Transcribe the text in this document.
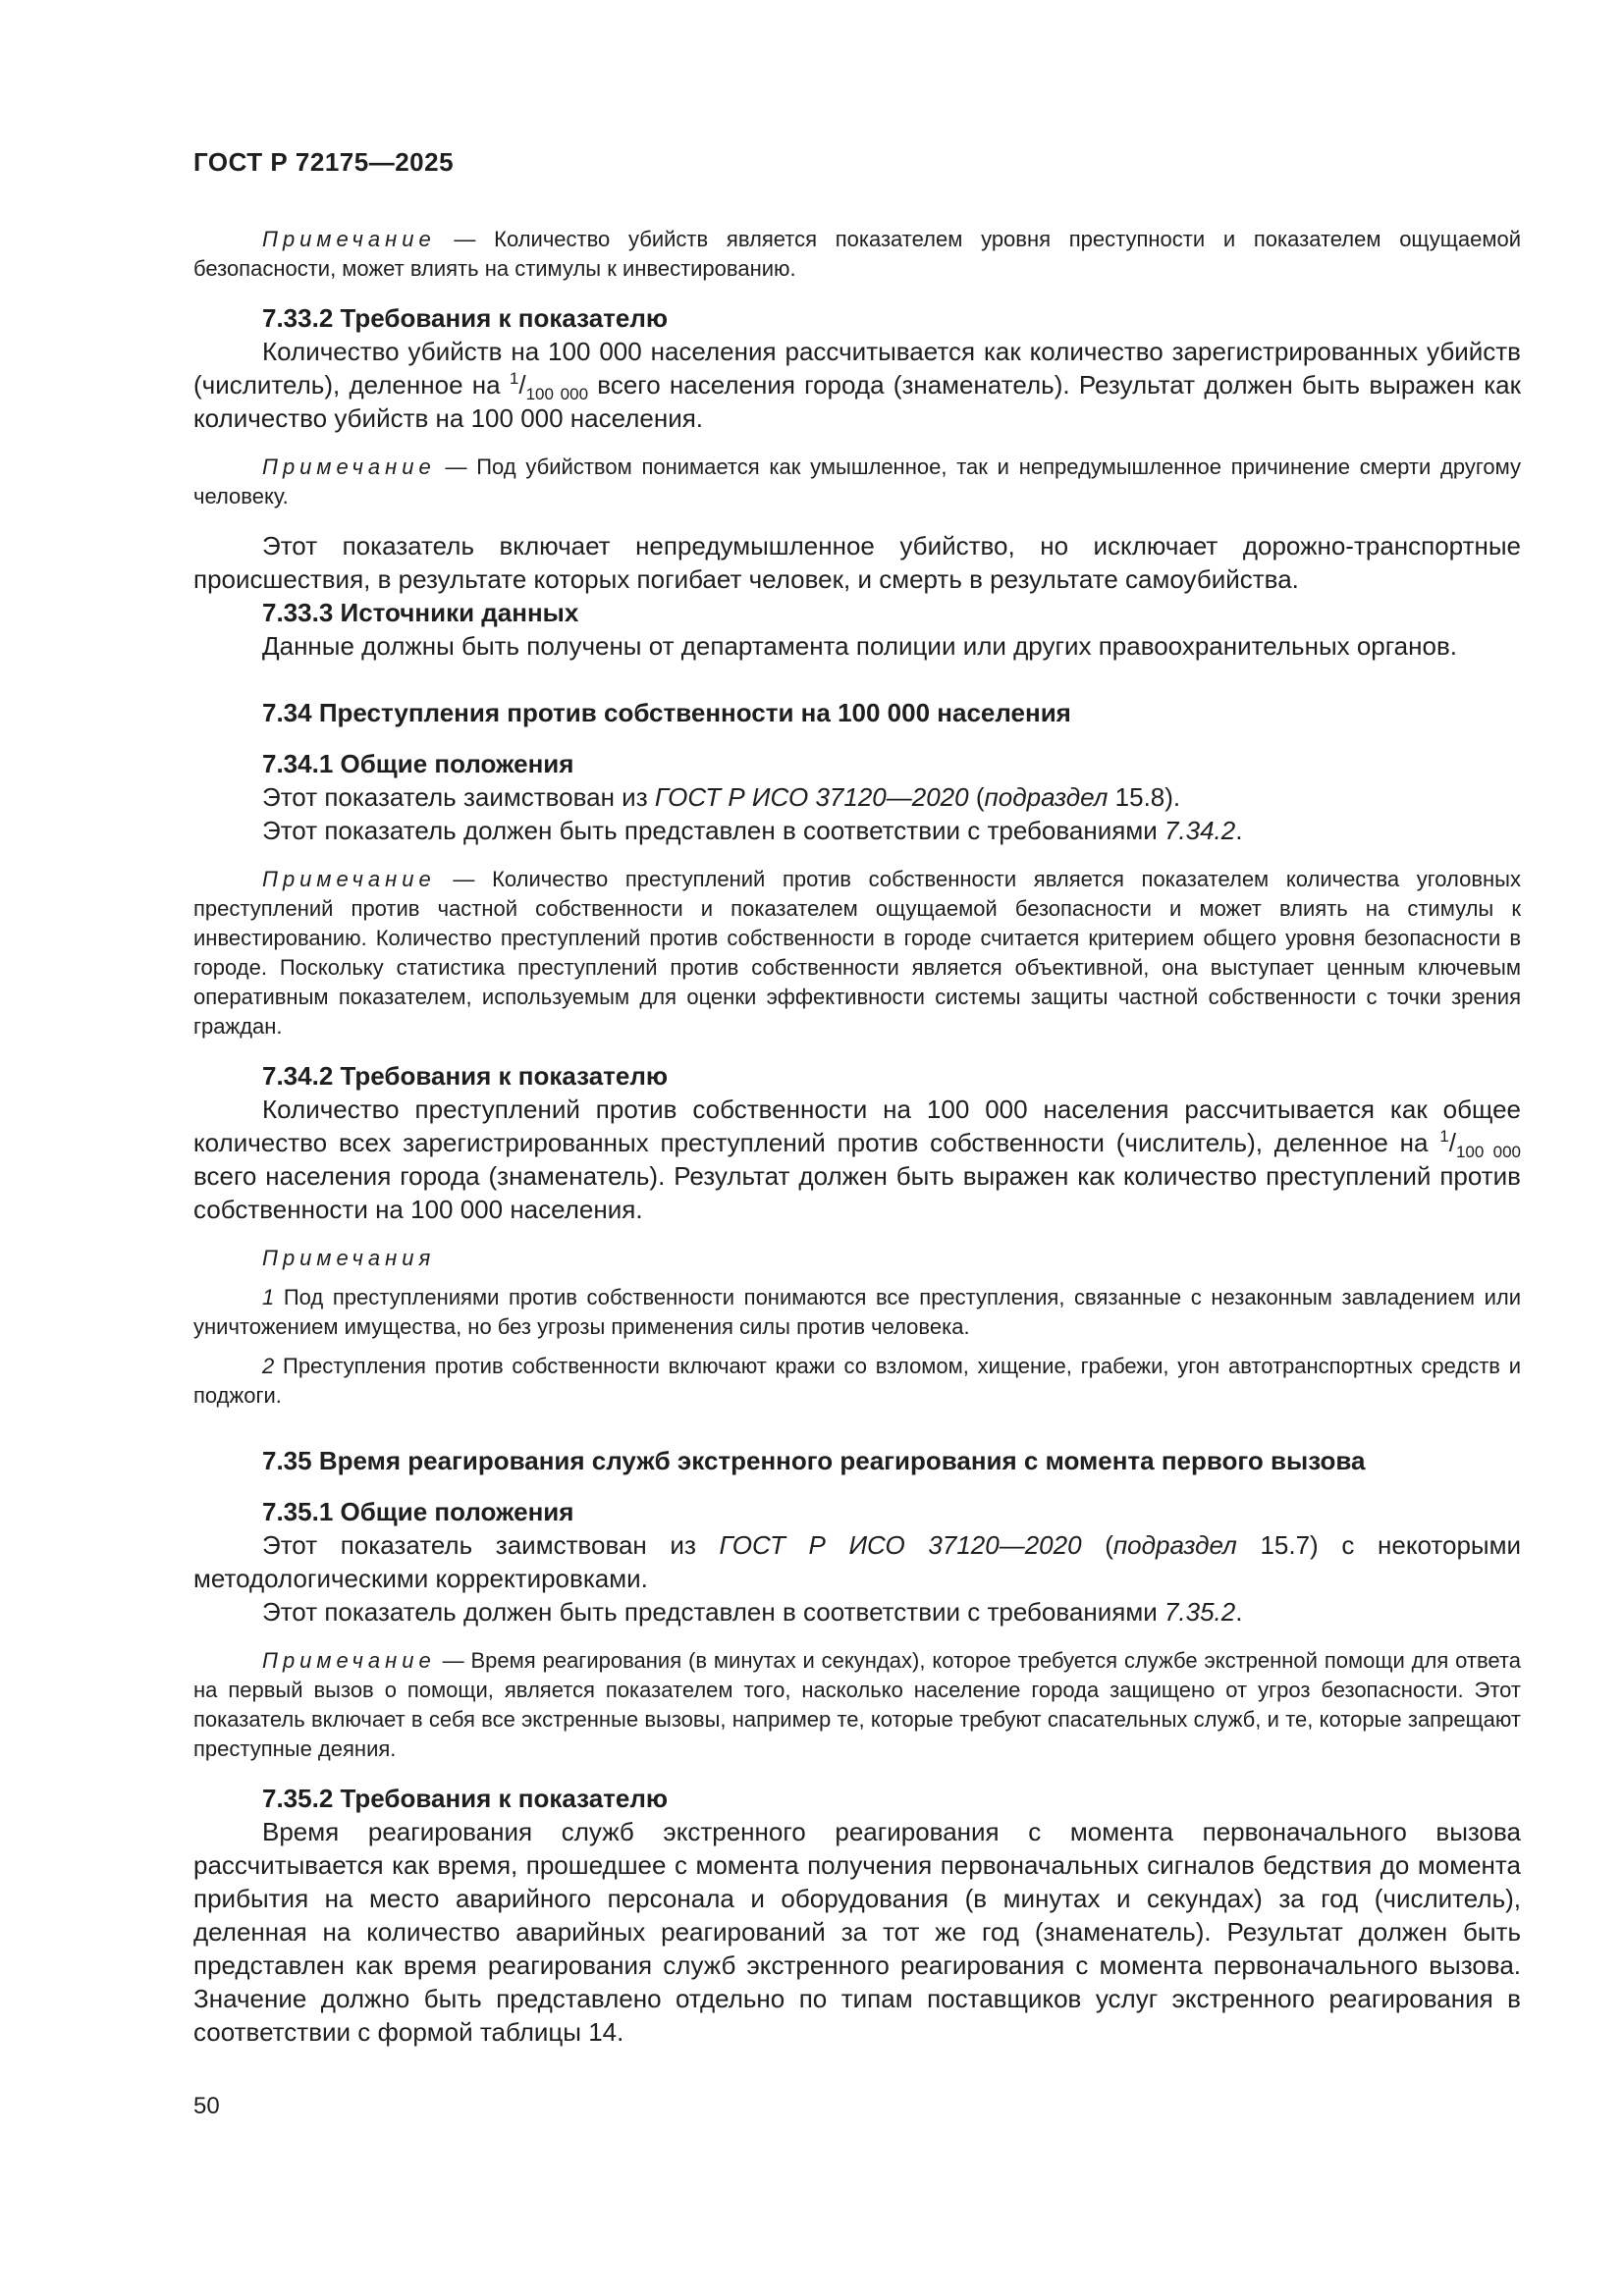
ГОСТ Р 72175—2025

Примечание — Количество убийств является показателем уровня преступности и показателем ощущаемой безопасности, может влиять на стимулы к инвестированию.

7.33.2 Требования к показателю

Количество убийств на 100 000 населения рассчитывается как количество зарегистрированных убийств (числитель), деленное на $^1/_{100 000}$ всего населения города (знаменатель). Результат должен быть выражен как количество убийств на 100 000 населения.

Примечание — Под убийством понимается как умышленное, так и непредумышленное причинение смерти другому человеку.

Этот показатель включает непредумышленное убийство, но исключает дорожно-транспортные происшествия, в результате которых погибает человек, и смерть в результате самоубийства.

7.33.3 Источники данных

Данные должны быть получены от департамента полиции или других правоохранительных органов.

7.34 Преступления против собственности на 100 000 населения
7.34.1 Общие положения

Этот показатель заимствован из ГОСТ Р ИСО 37120—2020 (подраздел 15.8).

Этот показатель должен быть представлен в соответствии с требованиями 7.34.2.

Примечание — Количество преступлений против собственности является показателем количества уголовных преступлений против частной собственности и показателем ощущаемой безопасности и может влиять на стимулы к инвестированию. Количество преступлений против собственности в городе считается критерием общего уровня безопасности в городе. Поскольку статистика преступлений против собственности является объективной, она выступает ценным ключевым оперативным показателем, используемым для оценки эффективности системы защиты частной собственности с точки зрения граждан.

7.34.2 Требования к показателю

Количество преступлений против собственности на 100 000 населения рассчитывается как общее количество всех зарегистрированных преступлений против собственности (числитель), деленное на $^1/_{100 000}$ всего населения города (знаменатель). Результат должен быть выражен как количество преступлений против собственности на 100 000 населения.

Примечания

1 Под преступлениями против собственности понимаются все преступления, связанные с незаконным завладением или уничтожением имущества, но без угрозы применения силы против человека.

2 Преступления против собственности включают кражи со взломом, хищение, грабежи, угон автотранспортных средств и поджоги.

7.35 Время реагирования служб экстренного реагирования с момента первого вызова
7.35.1 Общие положения

Этот показатель заимствован из ГОСТ Р ИСО 37120—2020 (подраздел 15.7) с некоторыми методологическими корректировками.

Этот показатель должен быть представлен в соответствии с требованиями 7.35.2.

Примечание — Время реагирования (в минутах и секундах), которое требуется службе экстренной помощи для ответа на первый вызов о помощи, является показателем того, насколько население города защищено от угроз безопасности. Этот показатель включает в себя все экстренные вызовы, например те, которые требуют спасательных служб, и те, которые запрещают преступные деяния.

7.35.2 Требования к показателю

Время реагирования служб экстренного реагирования с момента первоначального вызова рассчитывается как время, прошедшее с момента получения первоначальных сигналов бедствия до момента прибытия на место аварийного персонала и оборудования (в минутах и секундах) за год (числитель), деленная на количество аварийных реагирований за тот же год (знаменатель). Результат должен быть представлен как время реагирования служб экстренного реагирования с момента первоначального вызова. Значение должно быть представлено отдельно по типам поставщиков услуг экстренного реагирования в соответствии с формой таблицы 14.

50
